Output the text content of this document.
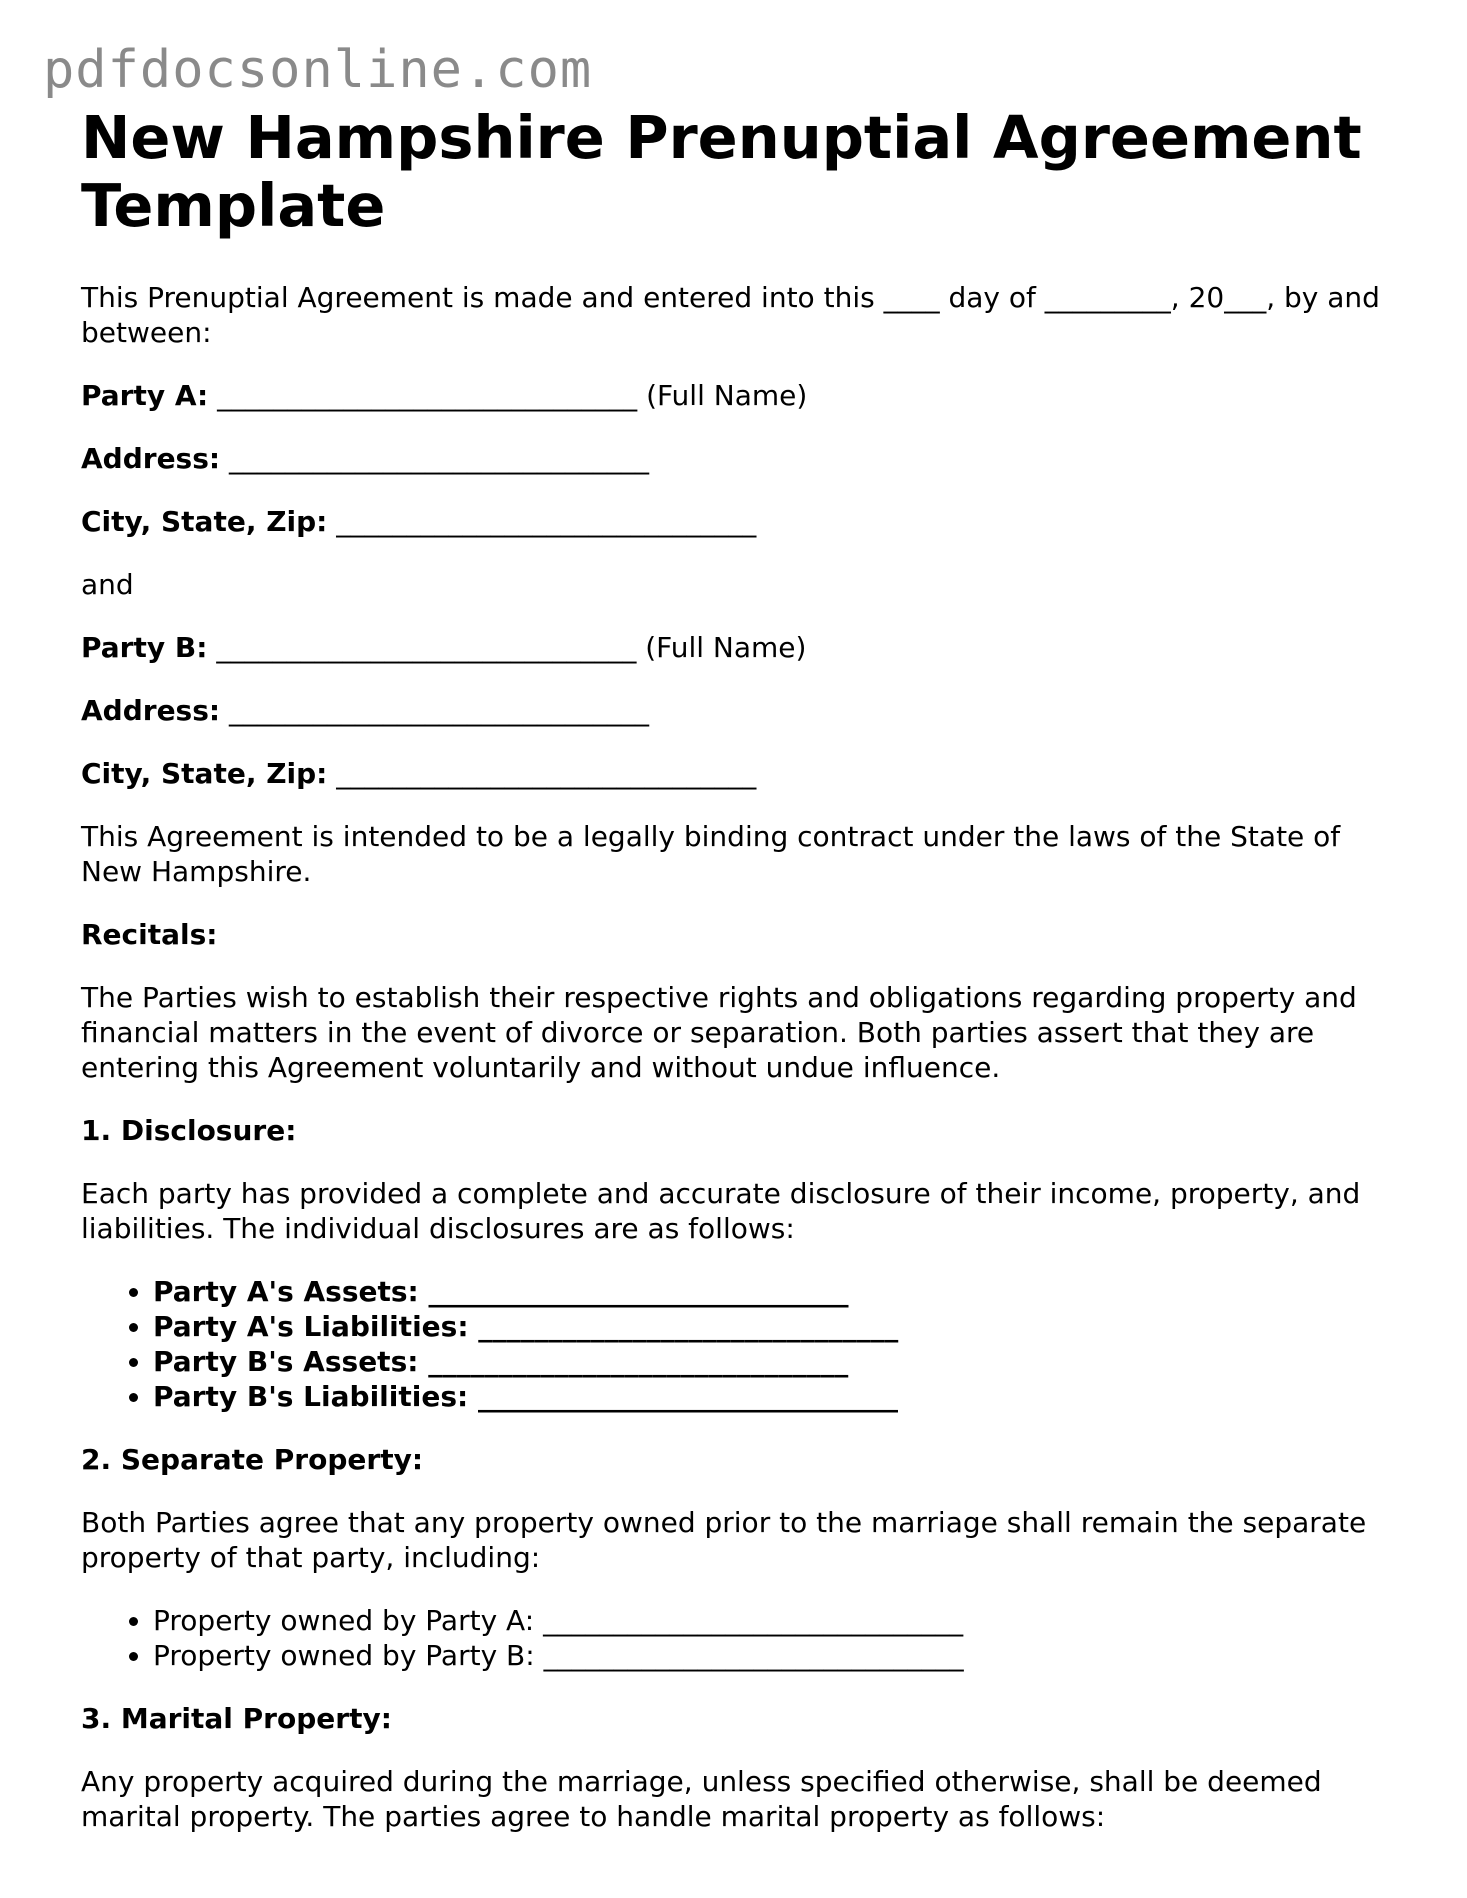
pdfdocsonline.com
New Hampshire Prenuptial Agreement Template

This Prenuptial Agreement is made and entered into this ____ day of _________, 20___, by and between:

Party A: ______________________________ (Full Name)
Address: ______________________________
City, State, Zip: ______________________________

and

Party B: ______________________________ (Full Name)
Address: ______________________________
City, State, Zip: ______________________________

This Agreement is intended to be a legally binding contract under the laws of the State of New Hampshire.

Recitals:

The Parties wish to establish their respective rights and obligations regarding property and financial matters in the event of divorce or separation. Both parties assert that they are entering this Agreement voluntarily and without undue influence.

1. Disclosure:

Each party has provided a complete and accurate disclosure of their income, property, and liabilities. The individual disclosures are as follows:

• Party A's Assets: ______________________________
• Party A's Liabilities: ______________________________
• Party B's Assets: ______________________________
• Party B's Liabilities: ______________________________
2. Separate Property:

Both Parties agree that any property owned prior to the marriage shall remain the separate property of that party, including:

• Property owned by Party A: ______________________________
• Property owned by Party B: ______________________________
3. Marital Property:

Any property acquired during the marriage, unless specified otherwise, shall be deemed marital property. The parties agree to handle marital property as follows:
